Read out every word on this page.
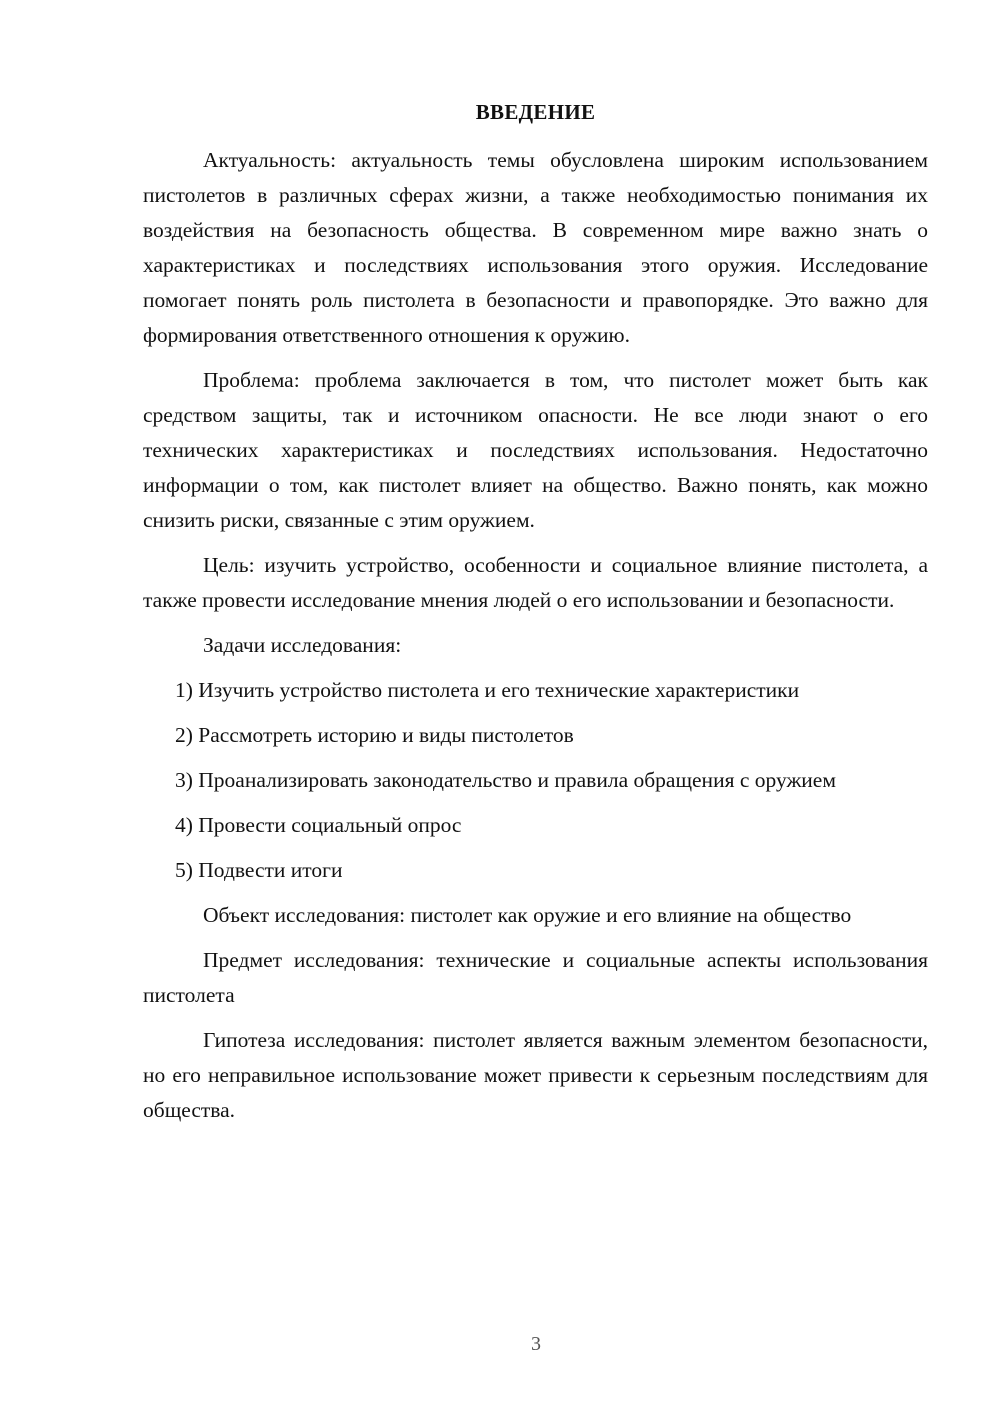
ВВЕДЕНИЕ

Актуальность: актуальность темы обусловлена широким использованием пистолетов в различных сферах жизни, а также необходимостью понимания их воздействия на безопасность общества. В современном мире важно знать о характеристиках и последствиях использования этого оружия. Исследование помогает понять роль пистолета в безопасности и правопорядке. Это важно для формирования ответственного отношения к оружию.

Проблема: проблема заключается в том, что пистолет может быть как средством защиты, так и источником опасности. Не все люди знают о его технических характеристиках и последствиях использования. Недостаточно информации о том, как пистолет влияет на общество. Важно понять, как можно снизить риски, связанные с этим оружием.

Цель: изучить устройство, особенности и социальное влияние пистолета, а также провести исследование мнения людей о его использовании и безопасности.

Задачи исследования:

1) Изучить устройство пистолета и его технические характеристики

2) Рассмотреть историю и виды пистолетов

3) Проанализировать законодательство и правила обращения с оружием

4) Провести социальный опрос

5) Подвести итоги

Объект исследования: пистолет как оружие и его влияние на общество

Предмет исследования: технические и социальные аспекты использования пистолета

Гипотеза исследования: пистолет является важным элементом безопасности, но его неправильное использование может привести к серьезным последствиям для общества.

3
